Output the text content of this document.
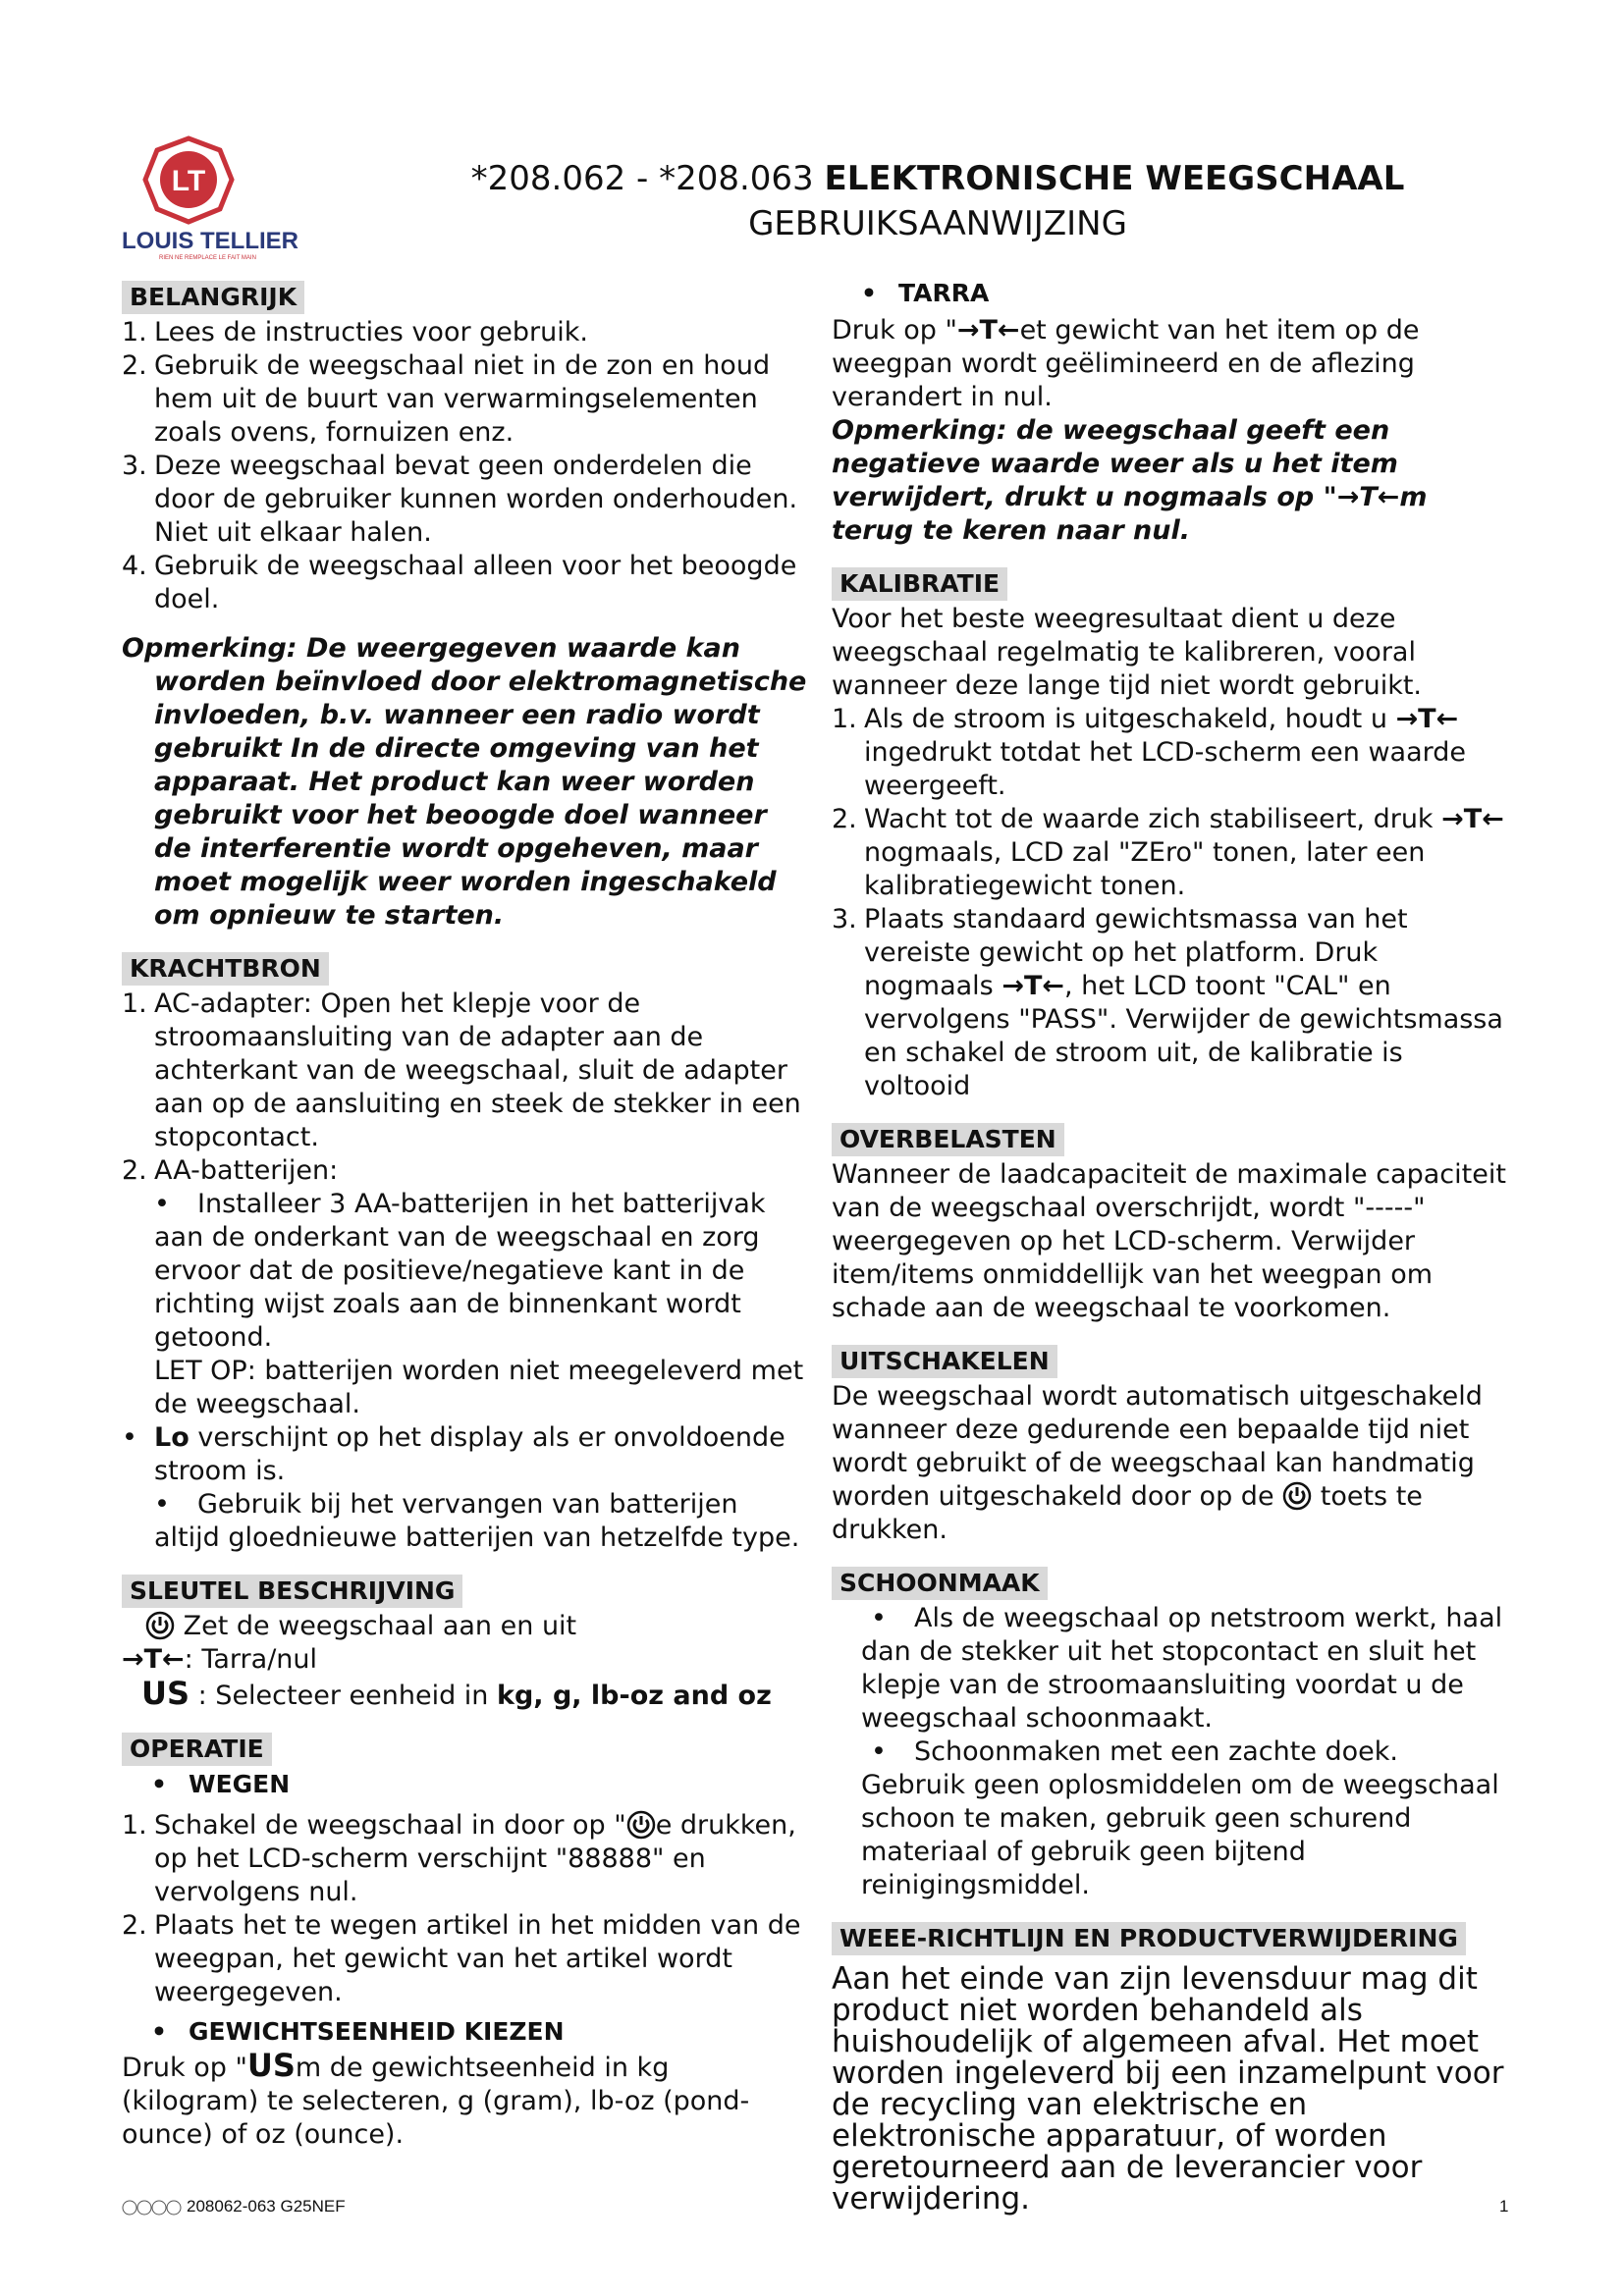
LT
LOUIS TELLIER
RIEN NE REMPLACE LE FAIT MAIN
*208.062 - *208.063 ELEKTRONISCHE WEEGSCHAAL
GEBRUIKSAANWIJZING
BELANGRIJK
1. Lees de instructies voor gebruik.
2. Gebruik de weegschaal niet in de zon en houd hem uit de buurt van verwarmingselementen zoals ovens, fornuizen enz.
3. Deze weegschaal bevat geen onderdelen die door de gebruiker kunnen worden onderhouden. Niet uit elkaar halen.
4. Gebruik de weegschaal alleen voor het beoogde doel.
Opmerking: De weergegeven waarde kan worden beïnvloed door elektromagnetische invloeden, b.v. wanneer een radio wordt gebruikt In de directe omgeving van het apparaat. Het product kan weer worden gebruikt voor het beoogde doel wanneer de interferentie wordt opgeheven, maar moet mogelijk weer worden ingeschakeld om opnieuw te starten.
KRACHTBRON
1. AC-adapter: Open het klepje voor de stroomaansluiting van de adapter aan de achterkant van de weegschaal, sluit de adapter aan op de aansluiting en steek de stekker in een stopcontact.
2. AA-batterijen:
• Installeer 3 AA-batterijen in het batterijvak aan de onderkant van de weegschaal en zorg ervoor dat de positieve/negatieve kant in de richting wijst zoals aan de binnenkant wordt getoond.
LET OP: batterijen worden niet meegeleverd met de weegschaal.
• Lo verschijnt op het display als er onvoldoende stroom is.
• Gebruik bij het vervangen van batterijen altijd gloednieuwe batterijen van hetzelfde type.
SLEUTEL BESCHRIJVING
Zet de weegschaal aan en uit
→T←: Tarra/nul
US : Selecteer eenheid in kg, g, lb-oz and oz
OPERATIE
• WEGEN
1. Schakel de weegschaal in door op " e drukken, op het LCD-scherm verschijnt "88888" en vervolgens nul.
2. Plaats het te wegen artikel in het midden van de weegpan, het gewicht van het artikel wordt weergegeven.
• GEWICHTSEENHEID KIEZEN
Druk op "USm de gewichtseenheid in kg (kilogram) te selecteren, g (gram), lb-oz (pond-ounce) of oz (ounce).
• TARRA
Druk op "→T←et gewicht van het item op de weegpan wordt geëlimineerd en de aflezing verandert in nul.
Opmerking: de weegschaal geeft een negatieve waarde weer als u het item verwijdert, drukt u nogmaals op "→T←m terug te keren naar nul.
KALIBRATIE
Voor het beste weegresultaat dient u deze weegschaal regelmatig te kalibreren, vooral wanneer deze lange tijd niet wordt gebruikt.
1. Als de stroom is uitgeschakeld, houdt u →T← ingedrukt totdat het LCD-scherm een waarde weergeeft.
2. Wacht tot de waarde zich stabiliseert, druk →T← nogmaals, LCD zal "ZEro" tonen, later een kalibratiegewicht tonen.
3. Plaats standaard gewichtsmassa van het vereiste gewicht op het platform. Druk nogmaals →T←, het LCD toont "CAL" en vervolgens "PASS". Verwijder de gewichtsmassa en schakel de stroom uit, de kalibratie is voltooid
OVERBELASTEN
Wanneer de laadcapaciteit de maximale capaciteit van de weegschaal overschrijdt, wordt "-----" weergegeven op het LCD-scherm. Verwijder item/items onmiddellijk van het weegpan om schade aan de weegschaal te voorkomen.
UITSCHAKELEN
De weegschaal wordt automatisch uitgeschakeld wanneer deze gedurende een bepaalde tijd niet wordt gebruikt of de weegschaal kan handmatig worden uitgeschakeld door op de toets te drukken.
SCHOONMAAK
• Als de weegschaal op netstroom werkt, haal dan de stekker uit het stopcontact en sluit het klepje van de stroomaansluiting voordat u de weegschaal schoonmaakt.
• Schoonmaken met een zachte doek. Gebruik geen oplosmiddelen om de weegschaal schoon te maken, gebruik geen schurend materiaal of gebruik geen bijtend reinigingsmiddel.
WEEE-RICHTLIJN EN PRODUCTVERWIJDERING
Aan het einde van zijn levensduur mag dit product niet worden behandeld als huishoudelijk of algemeen afval. Het moet worden ingeleverd bij een inzamelpunt voor de recycling van elektrische en elektronische apparatuur, of worden geretourneerd aan de leverancier voor verwijdering.
208062-063 G25NEF	1
